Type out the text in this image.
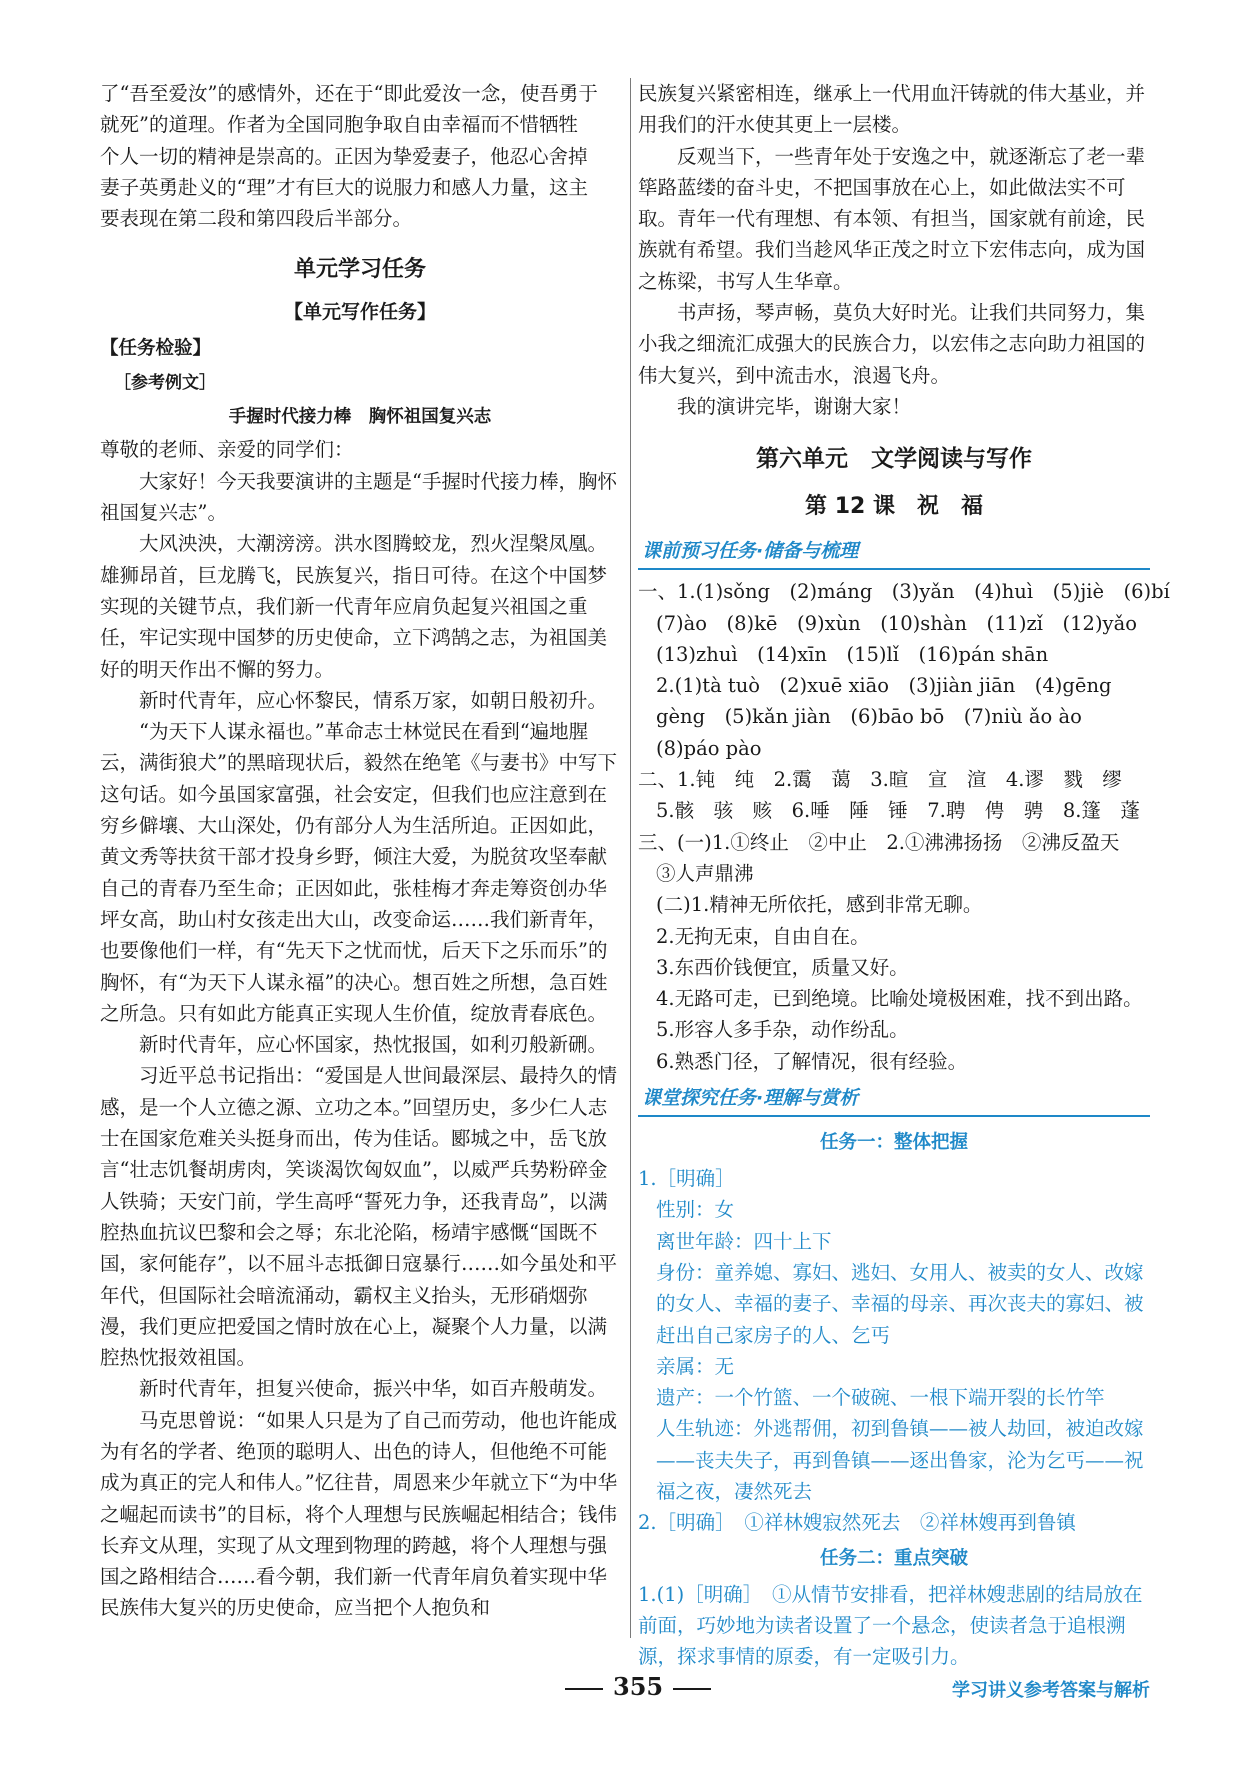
了“吾至爱汝”的感情外，还在于“即此爱汝一念，使吾勇于

就死”的道理。作者为全国同胞争取自由幸福而不惜牺牲

个人一切的精神是崇高的。正因为挚爱妻子，他忍心舍掉

妻子英勇赴义的“理”才有巨大的说服力和感人力量，这主

要表现在第二段和第四段后半部分。

单元学习任务
【单元写作任务】
【任务检验】
［参考例文］
手握时代接力棒　胸怀祖国复兴志

尊敬的老师、亲爱的同学们：

大家好！今天我要演讲的主题是“手握时代接力棒，胸怀祖国复兴志”。

大风泱泱，大潮滂滂。洪水图腾蛟龙，烈火涅槃凤凰。雄狮昂首，巨龙腾飞，民族复兴，指日可待。在这个中国梦实现的关键节点，我们新一代青年应肩负起复兴祖国之重任，牢记实现中国梦的历史使命，立下鸿鹄之志，为祖国美好的明天作出不懈的努力。

新时代青年，应心怀黎民，情系万家，如朝日般初升。

“为天下人谋永福也。”革命志士林觉民在看到“遍地腥云，满街狼犬”的黑暗现状后，毅然在绝笔《与妻书》中写下这句话。如今虽国家富强，社会安定，但我们也应注意到在穷乡僻壤、大山深处，仍有部分人为生活所迫。正因如此，黄文秀等扶贫干部才投身乡野，倾注大爱，为脱贫攻坚奉献自己的青春乃至生命；正因如此，张桂梅才奔走筹资创办华坪女高，助山村女孩走出大山，改变命运……我们新青年，也要像他们一样，有“先天下之忧而忧，后天下之乐而乐”的胸怀，有“为天下人谋永福”的决心。想百姓之所想，急百姓之所急。只有如此方能真正实现人生价值，绽放青春底色。

新时代青年，应心怀国家，热忱报国，如利刃般新硎。

习近平总书记指出：“爱国是人世间最深层、最持久的情感，是一个人立德之源、立功之本。”回望历史，多少仁人志士在国家危难关头挺身而出，传为佳话。郾城之中，岳飞放言“壮志饥餐胡虏肉，笑谈渴饮匈奴血”，以威严兵势粉碎金人铁骑；天安门前，学生高呼“誓死力争，还我青岛”，以满腔热血抗议巴黎和会之辱；东北沦陷，杨靖宇感慨“国既不国，家何能存”，以不屈斗志抵御日寇暴行……如今虽处和平年代，但国际社会暗流涌动，霸权主义抬头，无形硝烟弥漫，我们更应把爱国之情时放在心上，凝聚个人力量，以满腔热忱报效祖国。

新时代青年，担复兴使命，振兴中华，如百卉般萌发。

马克思曾说：“如果人只是为了自己而劳动，他也许能成为有名的学者、绝顶的聪明人、出色的诗人，但他绝不可能成为真正的完人和伟人。”忆往昔，周恩来少年就立下“为中华之崛起而读书”的目标，将个人理想与民族崛起相结合；钱伟长弃文从理，实现了从文理到物理的跨越，将个人理想与强国之路相结合……看今朝，我们新一代青年肩负着实现中华民族伟大复兴的历史使命，应当把个人抱负和

民族复兴紧密相连，继承上一代用血汗铸就的伟大基业，并用我们的汗水使其更上一层楼。

反观当下，一些青年处于安逸之中，就逐渐忘了老一辈筚路蓝缕的奋斗史，不把国事放在心上，如此做法实不可取。青年一代有理想、有本领、有担当，国家就有前途，民族就有希望。我们当趁风华正茂之时立下宏伟志向，成为国之栋梁，书写人生华章。

书声扬，琴声畅，莫负大好时光。让我们共同努力，集小我之细流汇成强大的民族合力，以宏伟之志向助力祖国的伟大复兴，到中流击水，浪遏飞舟。

我的演讲完毕，谢谢大家！

第六单元　文学阅读与写作
第 12 课　祝　福
课前预习任务·储备与梳理

一、1.(1)sǒng　(2)máng　(3)yǎn　(4)huì　(5)jiè　(6)bí

(7)ào　(8)kē　(9)xùn　(10)shàn　(11)zǐ　(12)yǎo

(13)zhuì　(14)xīn　(15)lǐ　(16)pán shān

2.(1)tà tuò　(2)xuē xiāo　(3)jiàn jiān　(4)gēng

gèng　(5)kǎn jiàn　(6)bāo bō　(7)niù ǎo ào

(8)páo pào

二、1.钝　纯　2.霭　蔼　3.暄　宣　渲　4.谬　戮　缪

5.骸　骇　赅　6.唾　陲　锤　7.聘　俜　骋　8.篷　蓬

三、(一)1.①终止　②中止　2.①沸沸扬扬　②沸反盈天

③人声鼎沸

(二)1.精神无所依托，感到非常无聊。

2.无拘无束，自由自在。

3.东西价钱便宜，质量又好。

4.无路可走，已到绝境。比喻处境极困难，找不到出路。

5.形容人多手杂，动作纷乱。

6.熟悉门径，了解情况，很有经验。

课堂探究任务·理解与赏析
任务一：整体把握

1.［明确］

性别：女

离世年龄：四十上下

身份：童养媳、寡妇、逃妇、女用人、被卖的女人、改嫁的女人、幸福的妻子、幸福的母亲、再次丧夫的寡妇、被赶出自己家房子的人、乞丐

亲属：无

遗产：一个竹篮、一个破碗、一根下端开裂的长竹竿

人生轨迹：外逃帮佣，初到鲁镇——被人劫回，被迫改嫁——丧夫失子，再到鲁镇——逐出鲁家，沦为乞丐——祝福之夜，凄然死去

2.［明确］　①祥林嫂寂然死去　②祥林嫂再到鲁镇

任务二：重点突破

1.(1)［明确］　①从情节安排看，把祥林嫂悲剧的结局放在前面，巧妙地为读者设置了一个悬念，使读者急于追根溯源，探求事情的原委，有一定吸引力。

355	学习讲义参考答案与解析
